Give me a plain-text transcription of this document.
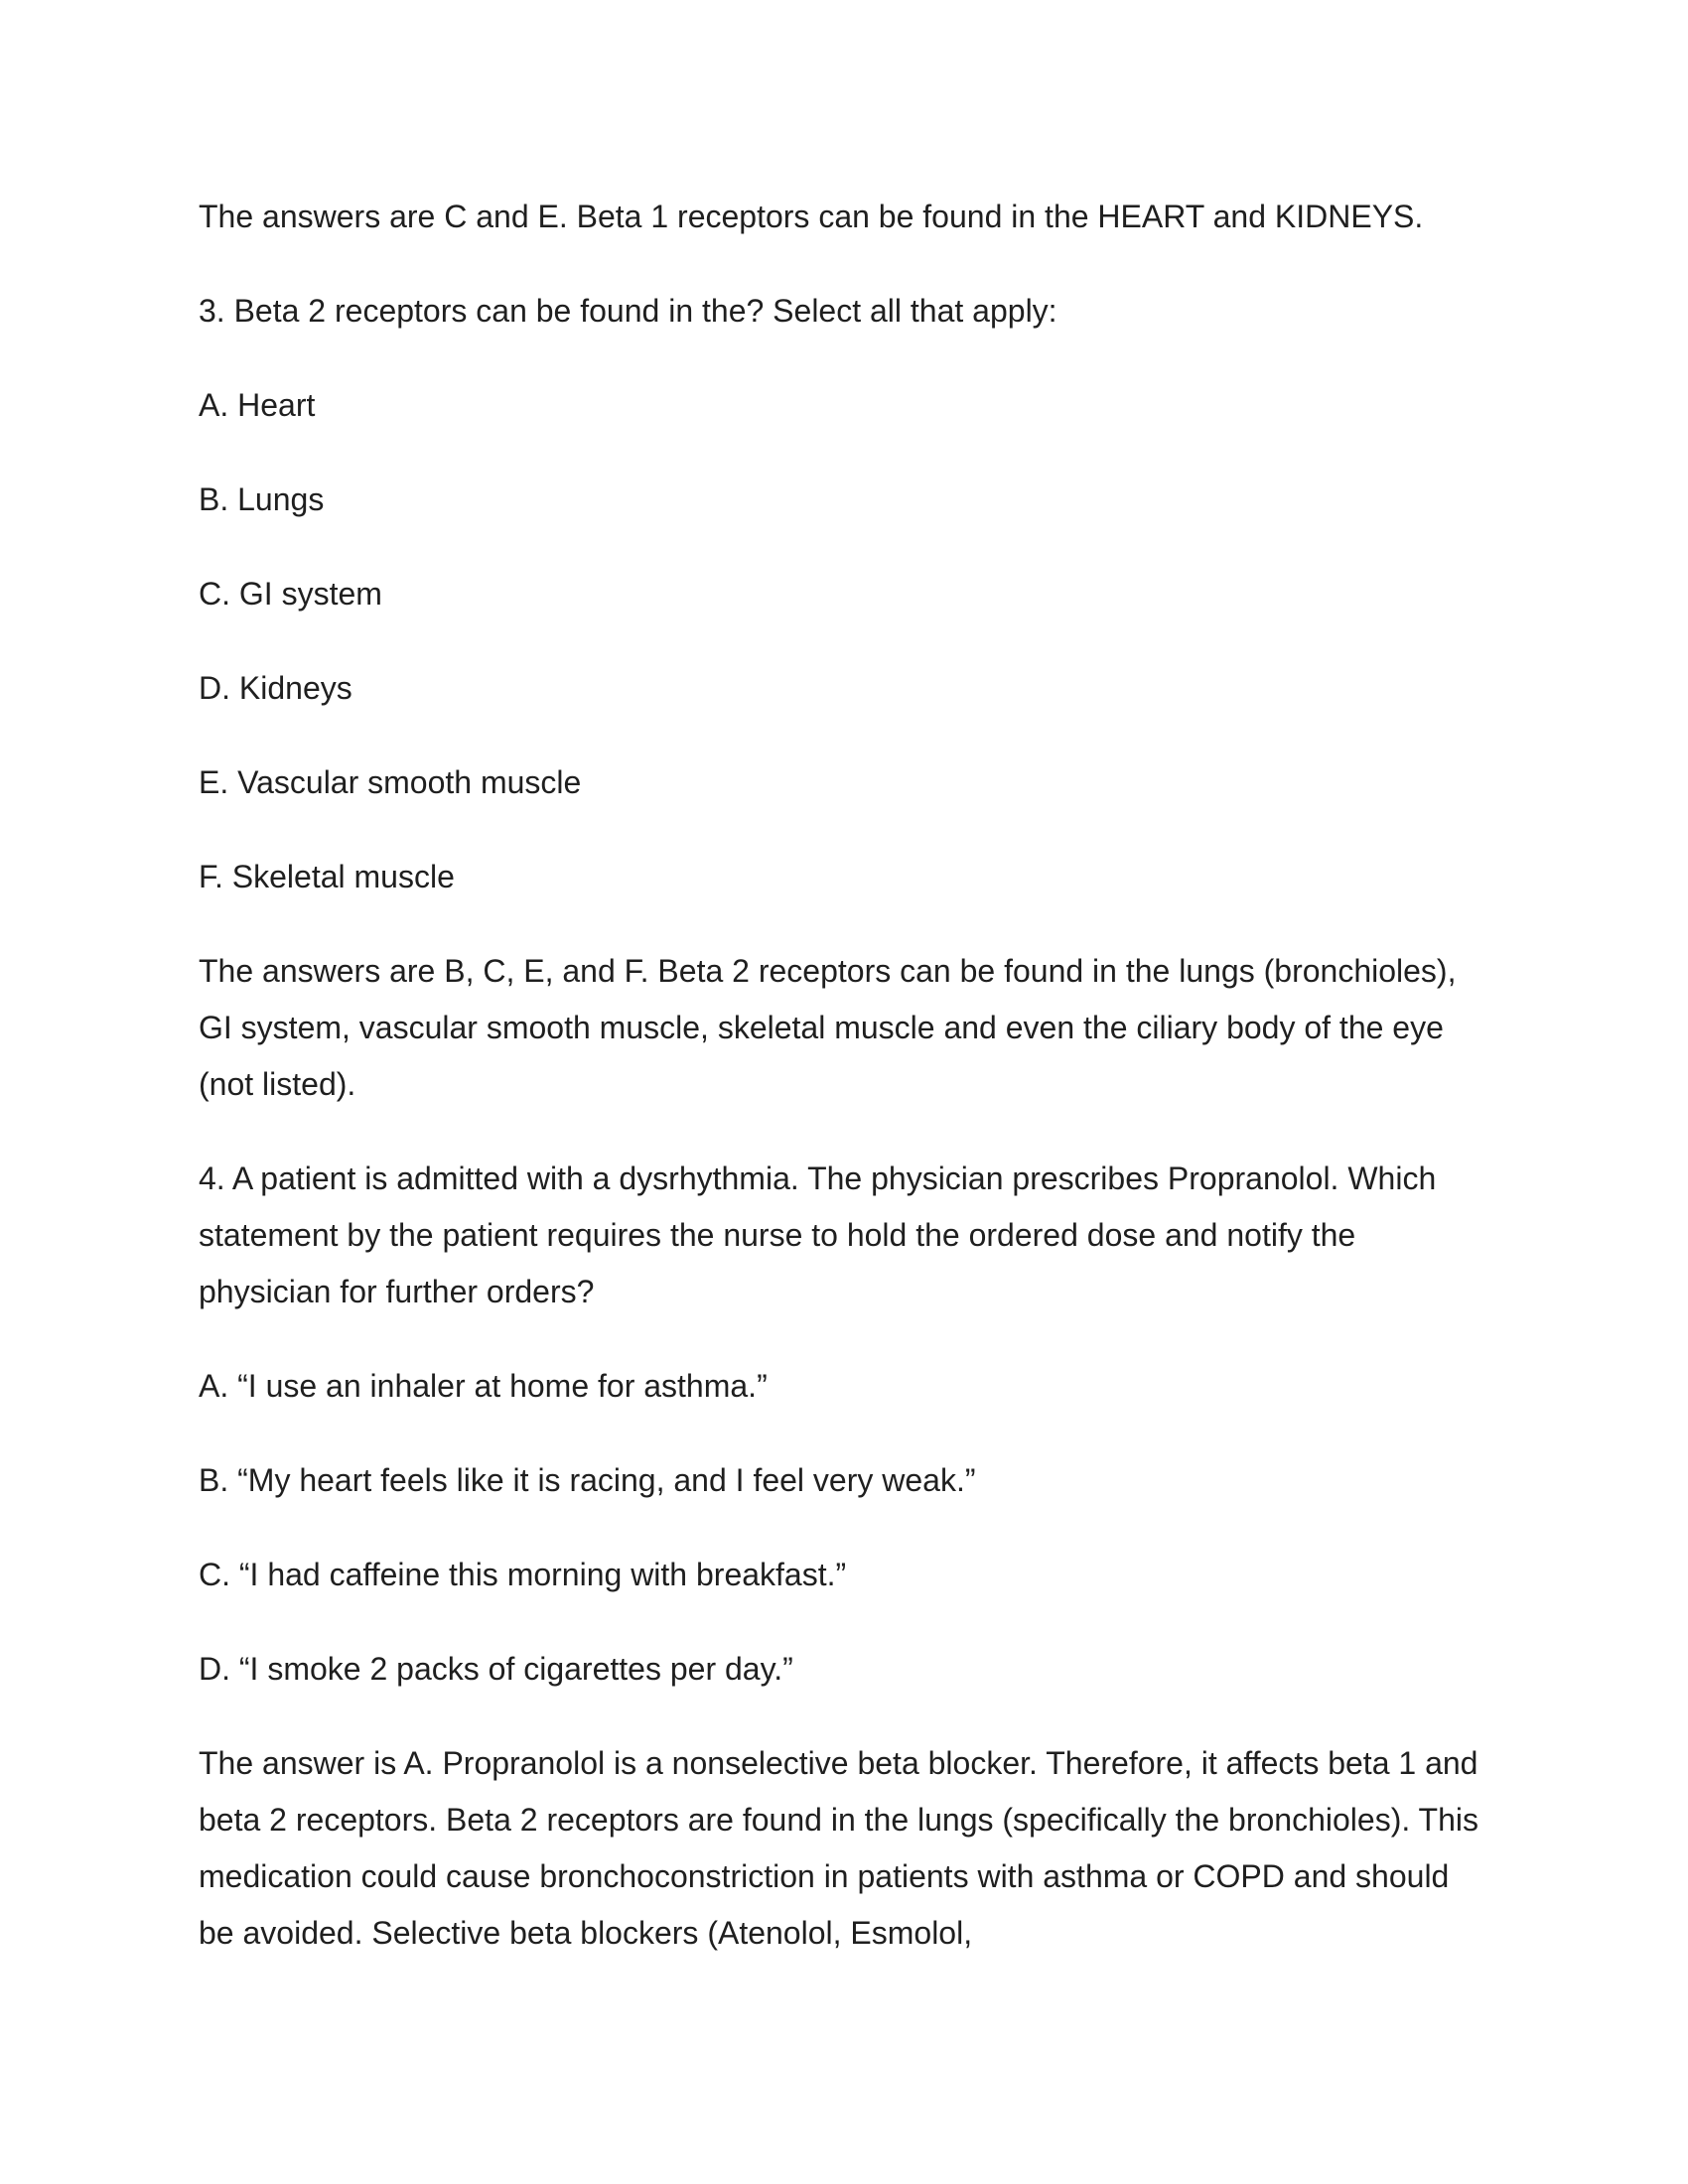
The answers are C and E. Beta 1 receptors can be found in the HEART and KIDNEYS.

3. Beta 2 receptors can be found in the? Select all that apply:

A. Heart

B. Lungs

C. GI system

D. Kidneys

E. Vascular smooth muscle

F. Skeletal muscle

The answers are B, C, E, and F. Beta 2 receptors can be found in the lungs (bronchioles), GI system, vascular smooth muscle, skeletal muscle and even the ciliary body of the eye (not listed).

4. A patient is admitted with a dysrhythmia. The physician prescribes Propranolol. Which statement by the patient requires the nurse to hold the ordered dose and notify the physician for further orders?

A. “I use an inhaler at home for asthma.”

B. “My heart feels like it is racing, and I feel very weak.”

C. “I had caffeine this morning with breakfast.”

D. “I smoke 2 packs of cigarettes per day.”

The answer is A. Propranolol is a nonselective beta blocker. Therefore, it affects beta 1 and beta 2 receptors. Beta 2 receptors are found in the lungs (specifically the bronchioles). This medication could cause bronchoconstriction in patients with asthma or COPD and should be avoided. Selective beta blockers (Atenolol, Esmolol,
